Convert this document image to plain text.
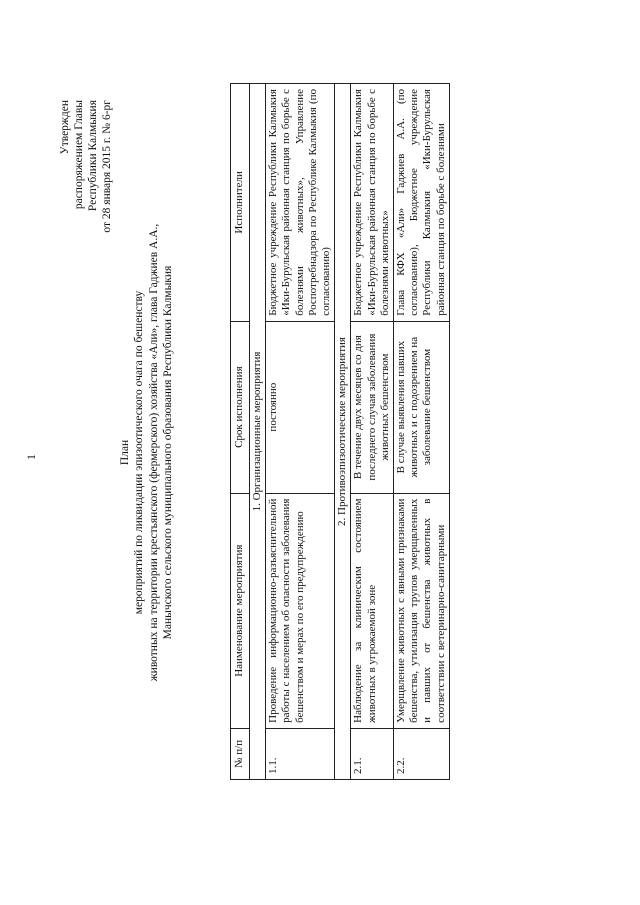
1
Утвержден распоряжением Главы Республики Калмыкия от 28 января 2015 г. № 6-рг
План мероприятий по ликвидации эпизоотического очага по бешенству животных на территории крестьянского (фермерского) хозяйства «Али», глава Гаджиев А.А., Манычского сельского муниципального образования Республики Калмыкия
№ п/п	Наименование мероприятия	Срок исполнения	Исполнители
1. Организационные мероприятия			
1.1.	Проведение информационно-разъяснительной работы с населением об опасности заболевания бешенством и мерах по его предупреждению	постоянно	Бюджетное учреждение Республики Калмыкия «Ики-Бурульская районная станция по борьбе с болезнями животных», Управление Роспотребнадзора по Республике Калмыкия (по согласованию)
2. Противоэпизоотические мероприятия			
2.1.	Наблюдение за клиническим состоянием животных в угрожаемой зоне	В течение двух месяцев со дня последнего случая заболевания животных бешенством	Бюджетное учреждение Республики Калмыкия «Ики-Бурульская районная станция по борьбе с болезнями животных»
2.2.	Умерщвление животных с явными признаками бешенства, утилизация трупов умерщвленных и павших от бешенства животных в соответствии с ветеринарно-санитарными	В случае выявления павших животных и с подозрением на заболевание бешенством	Глава КФХ «Али» Гаджиев А.А. (по согласованию), Бюджетное учреждение Республики Калмыкия «Ики-Бурульская районная станция по борьбе с болезнями
